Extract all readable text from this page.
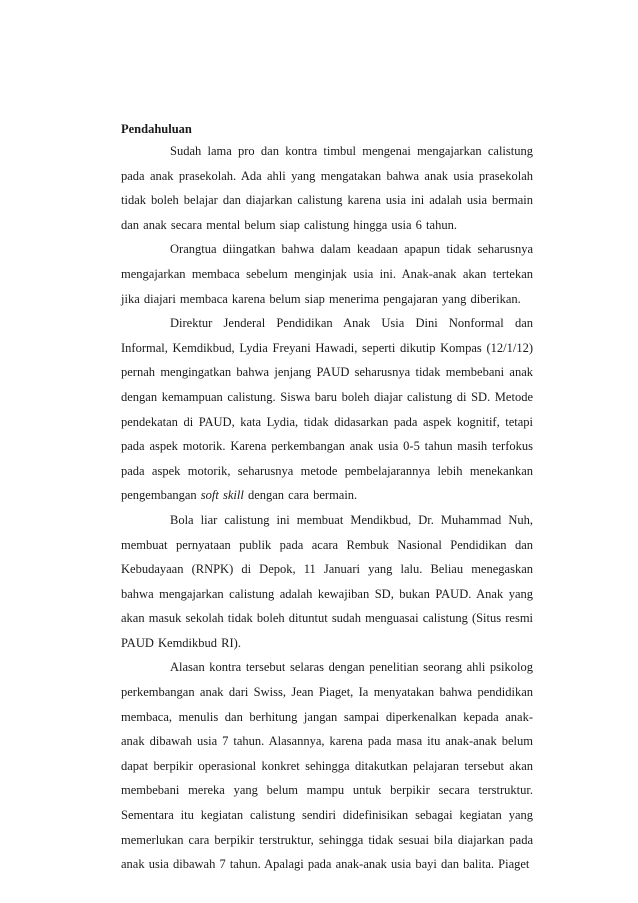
Pendahuluan

Sudah lama pro dan kontra timbul mengenai mengajarkan calistung pada anak prasekolah. Ada ahli yang mengatakan bahwa anak usia prasekolah tidak boleh belajar dan diajarkan calistung karena usia ini adalah usia bermain dan anak secara mental belum siap calistung hingga usia 6 tahun.

Orangtua diingatkan bahwa dalam keadaan apapun tidak seharusnya mengajarkan membaca sebelum menginjak usia ini. Anak-anak akan tertekan jika diajari membaca karena belum siap menerima pengajaran yang diberikan.

Direktur Jenderal Pendidikan Anak Usia Dini Nonformal dan Informal, Kemdikbud, Lydia Freyani Hawadi, seperti dikutip Kompas (12/1/12) pernah mengingatkan bahwa jenjang PAUD seharusnya tidak membebani anak dengan kemampuan calistung. Siswa baru boleh diajar calistung di SD. Metode pendekatan di PAUD, kata Lydia, tidak didasarkan pada aspek kognitif, tetapi pada aspek motorik. Karena perkembangan anak usia 0-5 tahun masih terfokus pada aspek motorik, seharusnya metode pembelajarannya lebih menekankan pengembangan soft skill dengan cara bermain.

Bola liar calistung ini membuat Mendikbud, Dr. Muhammad Nuh, membuat pernyataan publik pada acara Rembuk Nasional Pendidikan dan Kebudayaan (RNPK) di Depok, 11 Januari yang lalu. Beliau menegaskan bahwa mengajarkan calistung adalah kewajiban SD, bukan PAUD. Anak yang akan masuk sekolah tidak boleh dituntut sudah menguasai calistung (Situs resmi PAUD Kemdikbud RI).

Alasan kontra tersebut selaras dengan penelitian seorang ahli psikolog perkembangan anak dari Swiss, Jean Piaget, Ia menyatakan bahwa pendidikan membaca, menulis dan berhitung jangan sampai diperkenalkan kepada anak-anak dibawah usia 7 tahun. Alasannya, karena pada masa itu anak-anak belum dapat berpikir operasional konkret sehingga ditakutkan pelajaran tersebut akan membebani mereka yang belum mampu untuk berpikir secara terstruktur. Sementara itu kegiatan calistung sendiri didefinisikan sebagai kegiatan yang memerlukan cara berpikir terstruktur, sehingga tidak sesuai bila diajarkan pada anak usia dibawah 7 tahun. Apalagi pada anak-anak usia bayi dan balita. Piaget
